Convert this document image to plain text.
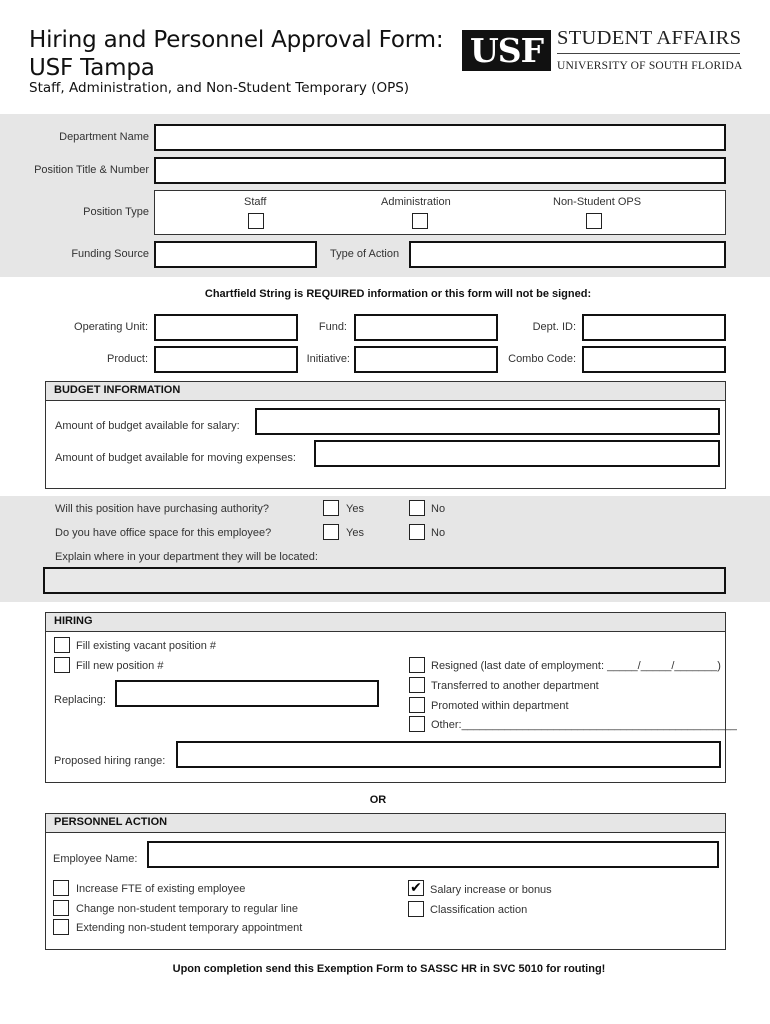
Hiring and Personnel Approval Form:
USF Tampa
Staff, Administration, and Non-Student Temporary (OPS)
USF STUDENT AFFAIRS
UNIVERSITY OF SOUTH FLORIDA
Department Name
Position Title & Number
Position Type
Staff	Administration	Non-Student OPS
Funding Source	Type of Action
Chartfield String is REQUIRED information or this form will not be signed:
Operating Unit:	Fund:	Dept. ID:
Product:	Initiative:	Combo Code:
BUDGET INFORMATION
Amount of budget available for salary:
Amount of budget available for moving expenses:
Will this position have purchasing authority?	Yes	No
Do you have office space for this employee?	Yes	No
Explain where in your department they will be located:
HIRING
Fill existing vacant position #
Fill new position #
Replacing:
Resigned (last date of employment: _____/_____/_______)
Transferred to another department
Promoted within department
Other:_____________________________________________
Proposed hiring range:
OR
PERSONNEL ACTION
Employee Name:
Increase FTE of existing employee
Change non-student temporary to regular line
Extending non-student temporary appointment
✔ Salary increase or bonus
Classification action
Upon completion send this Exemption Form to SASSC HR in SVC 5010 for routing!
